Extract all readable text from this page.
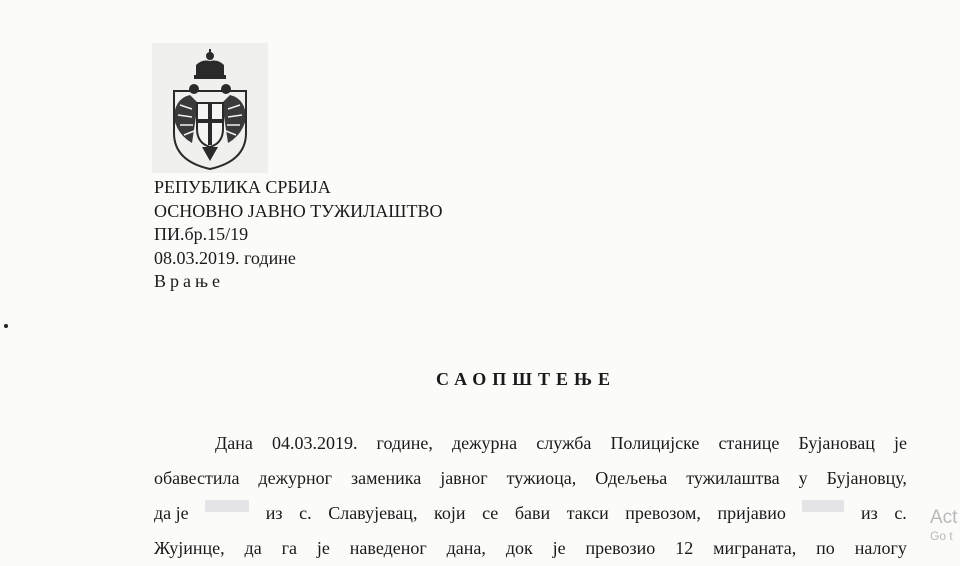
РЕПУБЛИКА СРБИЈА
ОСНОВНО ЈАВНО ТУЖИЛАШТВО
ПИ.бр.15/19
08.03.2019. године
Врање
САОПШТЕЊЕ
Дана 04.03.2019. године, дежурна служба Полицијске станице Бујановац је
обавестила дежурног заменика јавног тужиоца, Одељења тужилаштва у Бујановцу,
да је	из с. Славујевац, који се бави такси превозом, пријавио	из с.
Жујинце, да га је наведеног дана, док је превозио 12 миграната, по налогу
Act
Go t
